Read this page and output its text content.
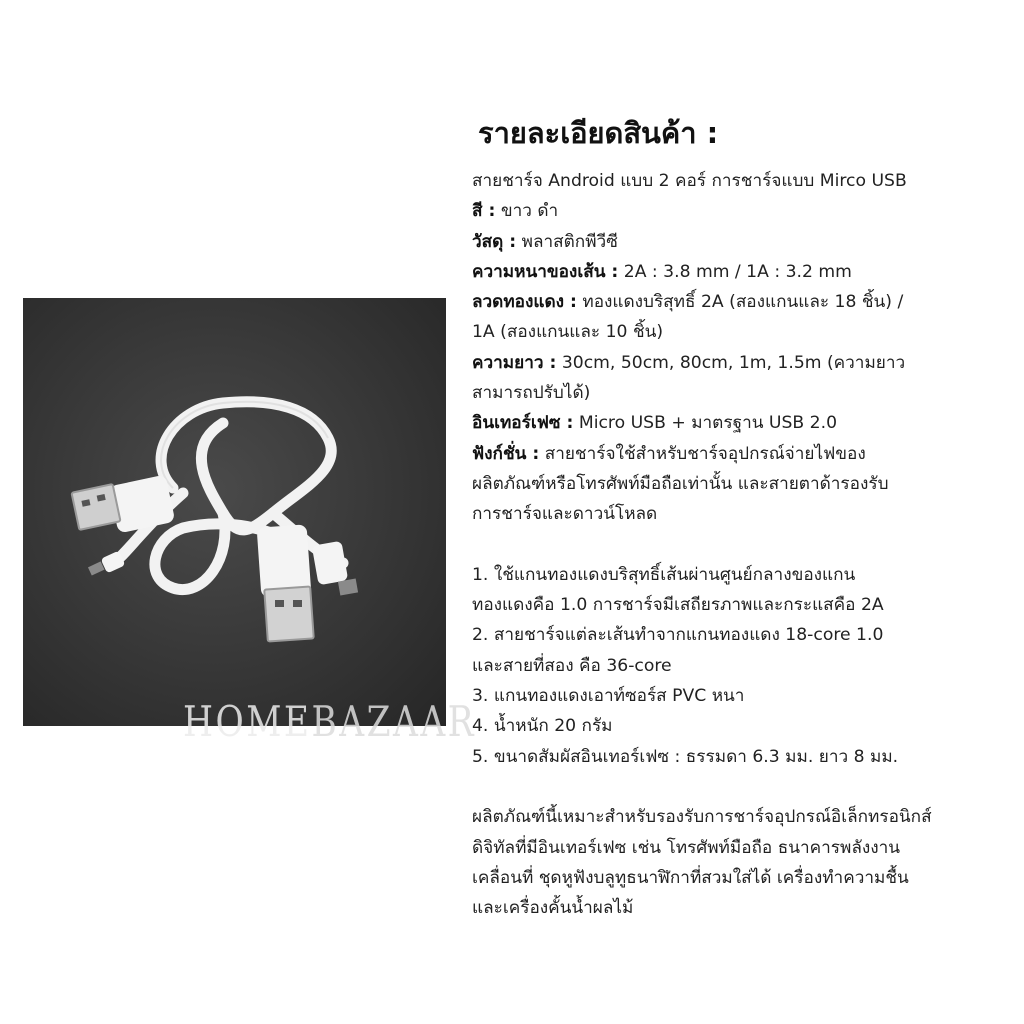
HOMEBAZAAR
รายละเอียดสินค้า :
สายชาร์จ Android แบบ 2 คอร์ การชาร์จแบบ Mirco USB
สี : ขาว ดำ
วัสดุ : พลาสติกพีวีซี
ความหนาของเส้น : 2A : 3.8 mm / 1A : 3.2 mm
ลวดทองแดง : ทองแดงบริสุทธิ์ 2A (สองแกนและ 18 ชิ้น) /
1A (สองแกนและ 10 ชิ้น)
ความยาว : 30cm, 50cm, 80cm, 1m, 1.5m (ความยาว
สามารถปรับได้)
อินเทอร์เฟซ : Micro USB + มาตรฐาน USB 2.0
ฟังก์ชั่น : สายชาร์จใช้สำหรับชาร์จอุปกรณ์จ่ายไฟของ
ผลิตภัณฑ์หรือโทรศัพท์มือถือเท่านั้น และสายตาด้ารองรับ
การชาร์จและดาวน์โหลด
1. ใช้แกนทองแดงบริสุทธิ์เส้นผ่านศูนย์กลางของแกน
ทองแดงคือ 1.0 การชาร์จมีเสถียรภาพและกระแสคือ 2A
2. สายชาร์จแต่ละเส้นทำจากแกนทองแดง 18-core 1.0
และสายที่สอง คือ 36-core
3. แกนทองแดงเอาท์ซอร์ส PVC หนา
4. น้ำหนัก 20 กรัม
5. ขนาดสัมผัสอินเทอร์เฟซ : ธรรมดา 6.3 มม. ยาว 8 มม.
ผลิตภัณฑ์นี้เหมาะสำหรับรองรับการชาร์จอุปกรณ์อิเล็กทรอนิกส์
ดิจิทัลที่มีอินเทอร์เฟซ เช่น โทรศัพท์มือถือ ธนาคารพลังงาน
เคลื่อนที่ ชุดหูฟังบลูทูธนาฬิกาที่สวมใส่ได้ เครื่องทำความชื้น
และเครื่องคั้นน้ำผลไม้
